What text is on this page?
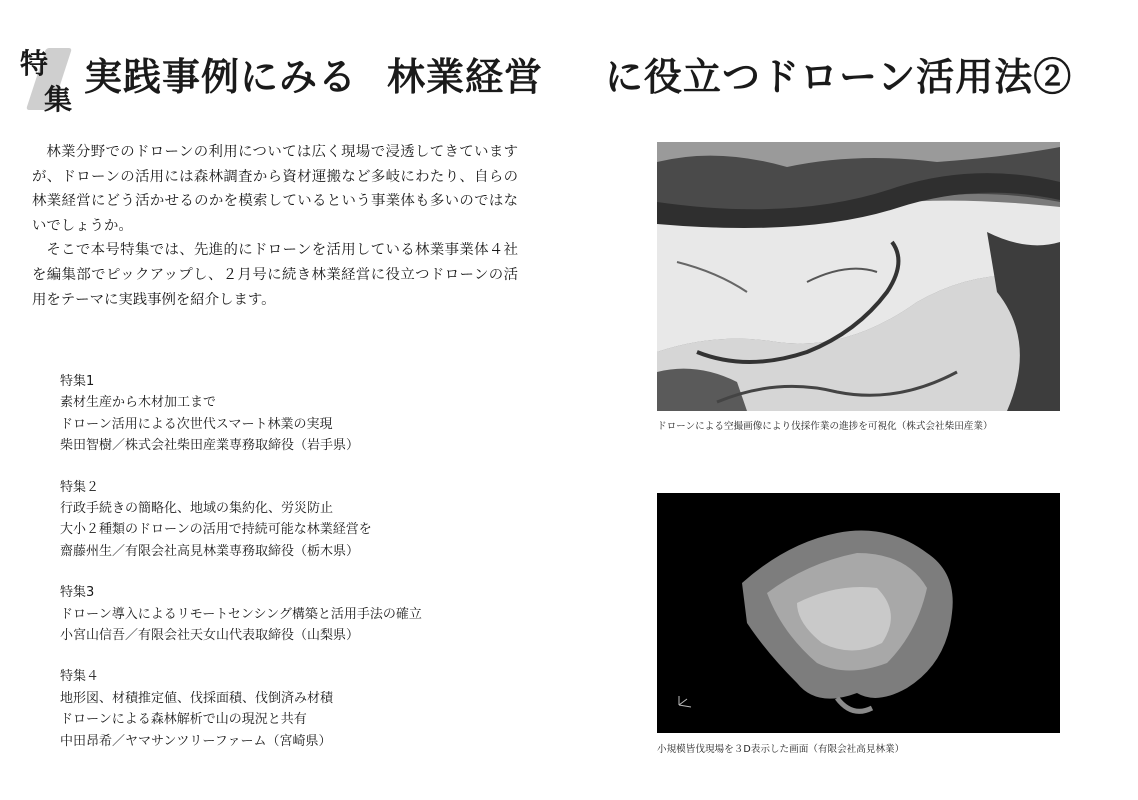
特
集
実践事例にみる 林業経営 に役立つドローン活用法②

林業分野でのドローンの利用については広く現場で浸透してきていますが、ドローンの活用には森林調査から資材運搬など多岐にわたり、自らの林業経営にどう活かせるのかを模索しているという事業体も多いのではないでしょうか。

そこで本号特集では、先進的にドローンを活用している林業事業体４社を編集部でピックアップし、２月号に続き林業経営に役立つドローンの活用をテーマに実践事例を紹介します。

特集1
素材生産から木材加工まで
ドローン活用による次世代スマート林業の実現
柴田智樹／株式会社柴田産業専務取締役（岩手県）
特集２
行政手続きの簡略化、地域の集約化、労災防止
大小２種類のドローンの活用で持続可能な林業経営を
齋藤州生／有限会社高見林業専務取締役（栃木県）
特集3
ドローン導入によるリモートセンシング構築と活用手法の確立
小宮山信吾／有限会社天女山代表取締役（山梨県）
特集４
地形図、材積推定値、伐採面積、伐倒済み材積
ドローンによる森林解析で山の現況と共有
中田昂希／ヤマサンツリーファーム（宮崎県）
ドローンによる空撮画像により伐採作業の進捗を可視化（株式会社柴田産業）
小規模皆伐現場を３D表示した画面（有限会社高見林業）
